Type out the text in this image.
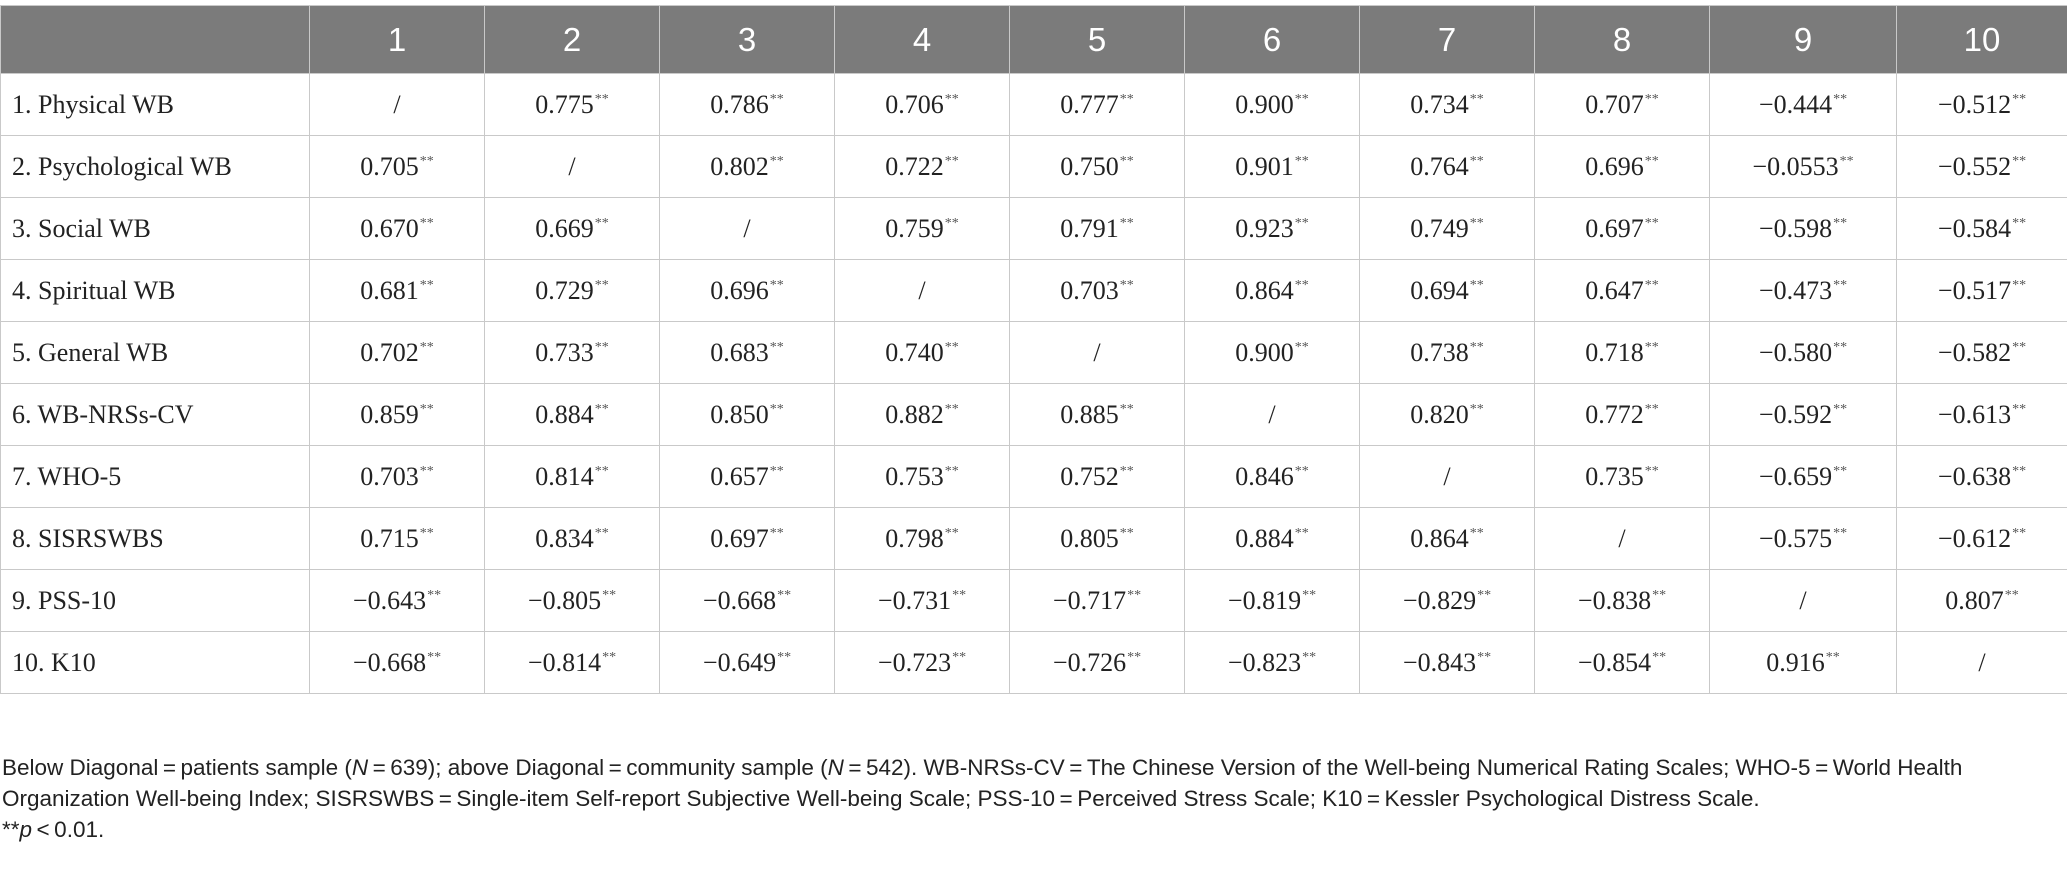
	1	2	3	4	5	6	7	8	9	10
1. Physical WB	/	0.775**	0.786**	0.706**	0.777**	0.900**	0.734**	0.707**	−0.444**	−0.512**
2. Psychological WB	0.705**	/	0.802**	0.722**	0.750**	0.901**	0.764**	0.696**	−0.0553**	−0.552**
3. Social WB	0.670**	0.669**	/	0.759**	0.791**	0.923**	0.749**	0.697**	−0.598**	−0.584**
4. Spiritual WB	0.681**	0.729**	0.696**	/	0.703**	0.864**	0.694**	0.647**	−0.473**	−0.517**
5. General WB	0.702**	0.733**	0.683**	0.740**	/	0.900**	0.738**	0.718**	−0.580**	−0.582**
6. WB-NRSs-CV	0.859**	0.884**	0.850**	0.882**	0.885**	/	0.820**	0.772**	−0.592**	−0.613**
7. WHO-5	0.703**	0.814**	0.657**	0.753**	0.752**	0.846**	/	0.735**	−0.659**	−0.638**
8. SISRSWBS	0.715**	0.834**	0.697**	0.798**	0.805**	0.884**	0.864**	/	−0.575**	−0.612**
9. PSS-10	−0.643**	−0.805**	−0.668**	−0.731**	−0.717**	−0.819**	−0.829**	−0.838**	/	0.807**
10. K10	−0.668**	−0.814**	−0.649**	−0.723**	−0.726**	−0.823**	−0.843**	−0.854**	0.916**	/

Below Diagonal = patients sample (N = 639); above Diagonal = community sample (N = 542). WB-NRSs-CV = The Chinese Version of the Well-being Numerical Rating Scales; WHO-5 = World Health Organization Well-being Index; SISRSWBS = Single-item Self-report Subjective Well-being Scale; PSS-10 = Perceived Stress Scale; K10 = Kessler Psychological Distress Scale.

**p < 0.01.
